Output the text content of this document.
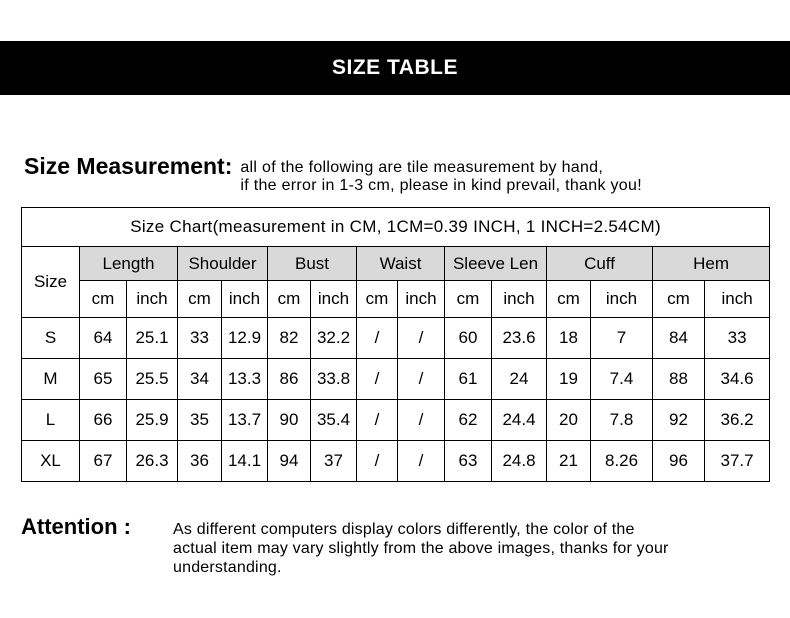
SIZE TABLE
Size Measurement: all of the following are tile measurement by hand,
if the error in 1-3 cm, please in kind prevail, thank you!
Size Chart(measurement in CM, 1CM=0.39 INCH, 1 INCH=2.54CM)														
Size	Length		Shoulder		Bust		Waist		Sleeve Len		Cuff		Hem	
	cm	inch	cm	inch	cm	inch	cm	inch	cm	inch	cm	inch	cm	inch
S	64	25.1	33	12.9	82	32.2	/	/	60	23.6	18	7	84	33
M	65	25.5	34	13.3	86	33.8	/	/	61	24	19	7.4	88	34.6
L	66	25.9	35	13.7	90	35.4	/	/	62	24.4	20	7.8	92	36.2
XL	67	26.3	36	14.1	94	37	/	/	63	24.8	21	8.26	96	37.7
Attention :	As different computers display colors differently, the color of the
actual item may vary slightly from the above images, thanks for your
understanding.
